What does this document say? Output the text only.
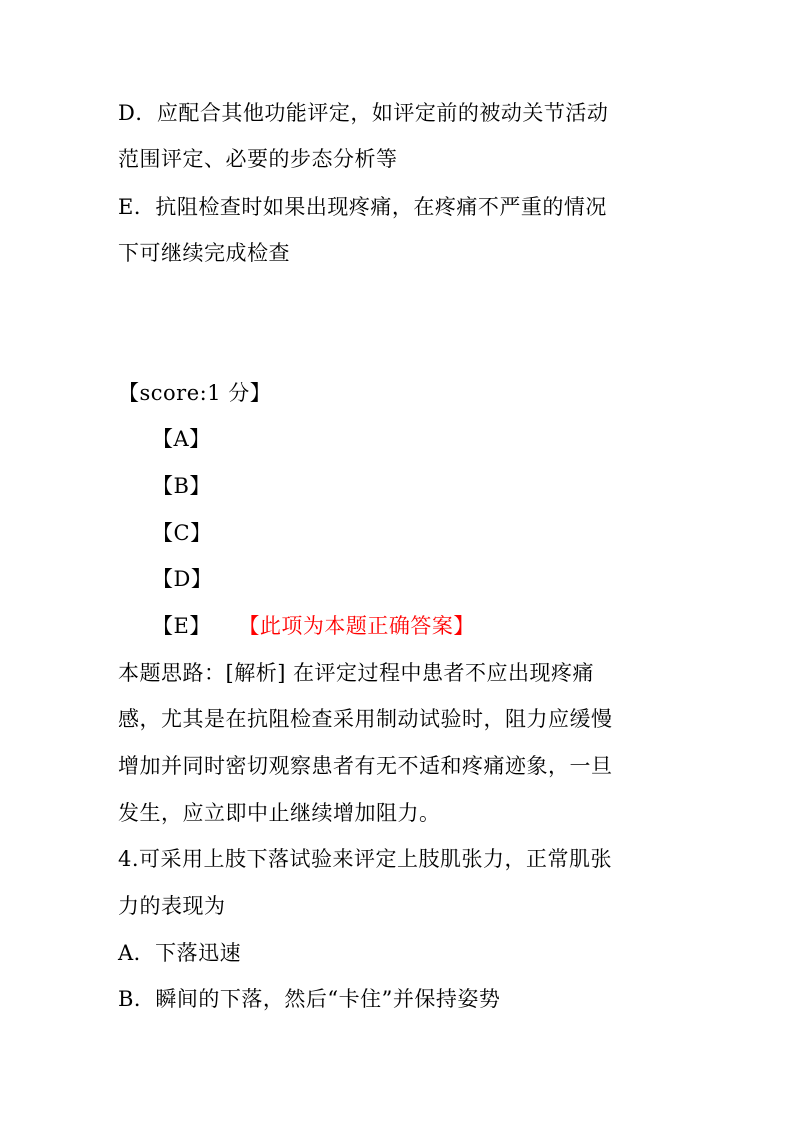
D．应配合其他功能评定，如评定前的被动关节活动
范围评定、必要的步态分析等
E．抗阻检查时如果出现疼痛，在疼痛不严重的情况
下可继续完成检查
【score:1 分】
【A】
【B】
【C】
【D】
【E】 【此项为本题正确答案】
本题思路：[解析] 在评定过程中患者不应出现疼痛
感，尤其是在抗阻检查采用制动试验时，阻力应缓慢
增加并同时密切观察患者有无不适和疼痛迹象，一旦
发生，应立即中止继续增加阻力。
4.可采用上肢下落试验来评定上肢肌张力，正常肌张
力的表现为
A．下落迅速
B．瞬间的下落，然后“卡住”并保持姿势
